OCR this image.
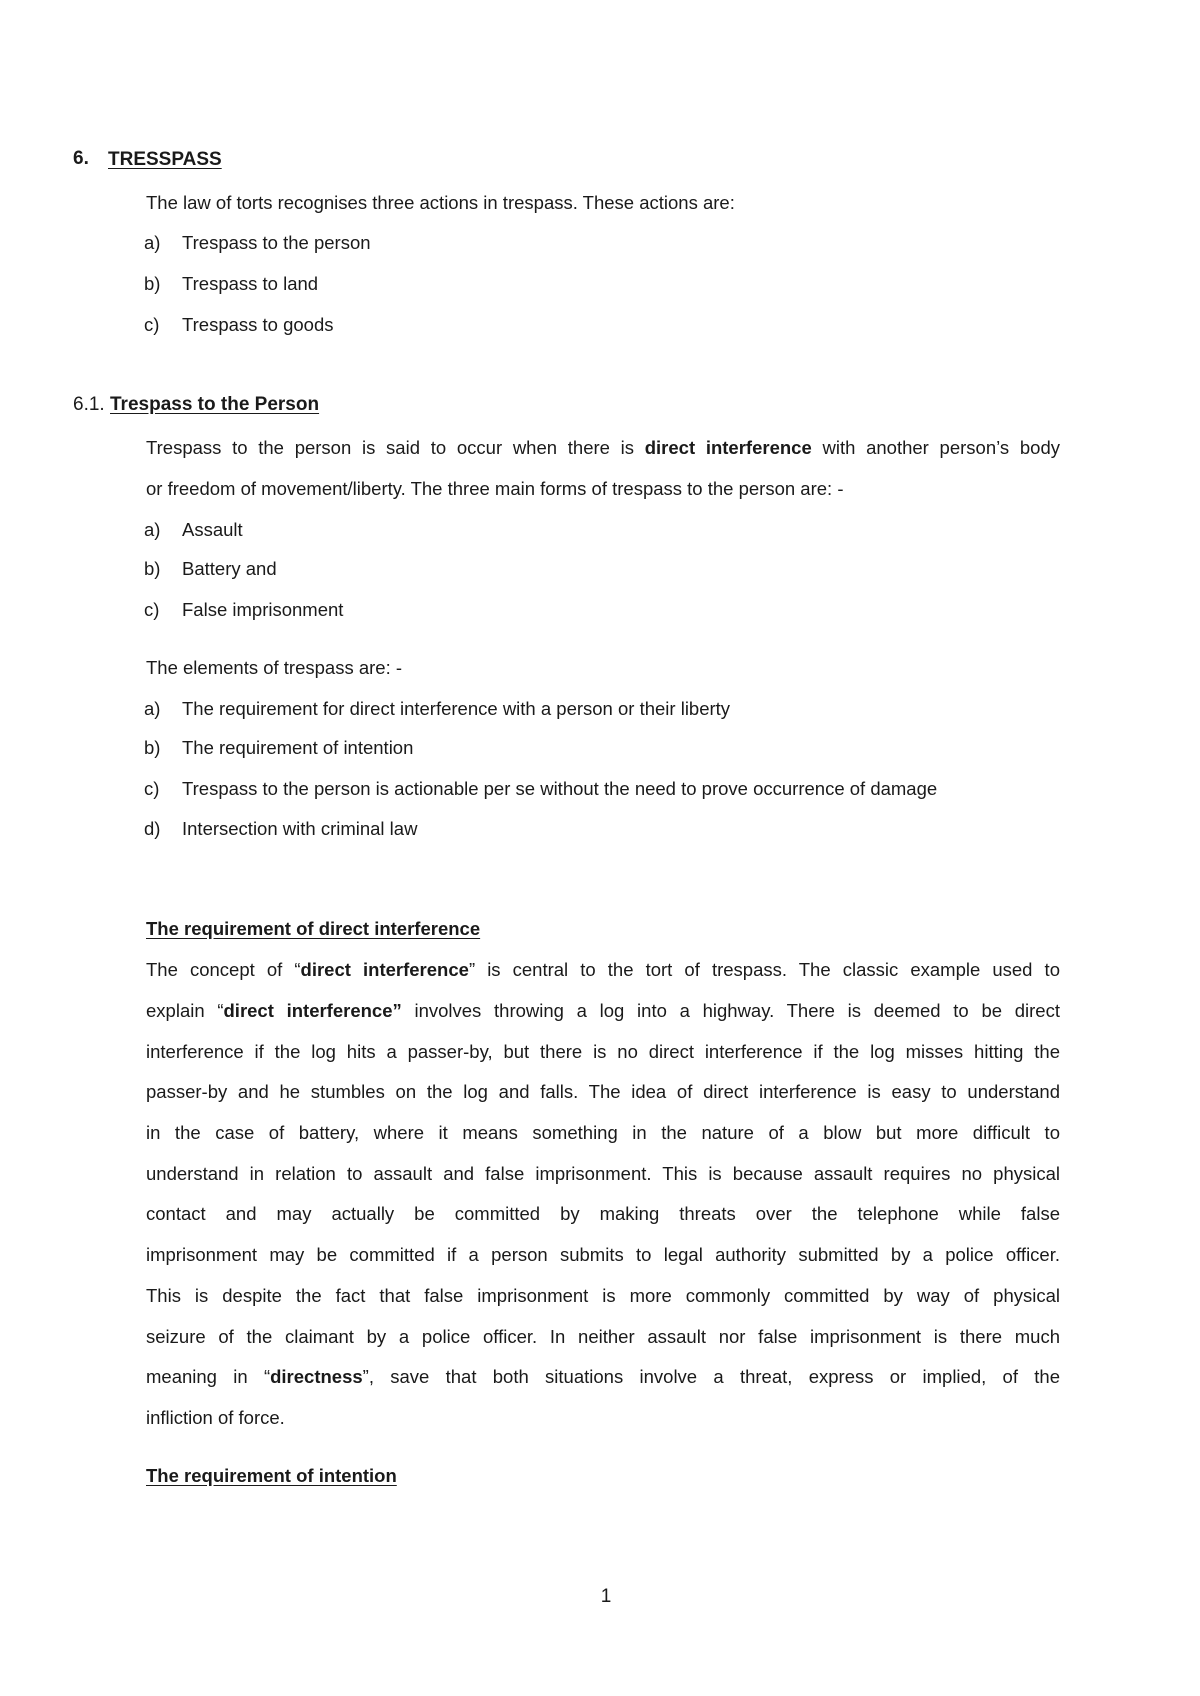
6. TRESSPASS
The law of torts recognises three actions in trespass. These actions are:
a) Trespass to the person
b) Trespass to land
c) Trespass to goods
6.1. Trespass to the Person
Trespass to the person is said to occur when there is direct interference with another person’s body
or freedom of movement/liberty. The three main forms of trespass to the person are: -
a) Assault
b) Battery and
c) False imprisonment
The elements of trespass are: -
a) The requirement for direct interference with a person or their liberty
b) The requirement of intention
c) Trespass to the person is actionable per se without the need to prove occurrence of damage
d) Intersection with criminal law
The requirement of direct interference
The concept of “direct interference” is central to the tort of trespass. The classic example used to
explain “direct interference” involves throwing a log into a highway. There is deemed to be direct
interference if the log hits a passer-by, but there is no direct interference if the log misses hitting the
passer-by and he stumbles on the log and falls. The idea of direct interference is easy to understand
in the case of battery, where it means something in the nature of a blow but more difficult to
understand in relation to assault and false imprisonment. This is because assault requires no physical
contact and may actually be committed by making threats over the telephone while false
imprisonment may be committed if a person submits to legal authority submitted by a police officer.
This is despite the fact that false imprisonment is more commonly committed by way of physical
seizure of the claimant by a police officer. In neither assault nor false imprisonment is there much
meaning in “directness”, save that both situations involve a threat, express or implied, of the
infliction of force.
The requirement of intention
1
